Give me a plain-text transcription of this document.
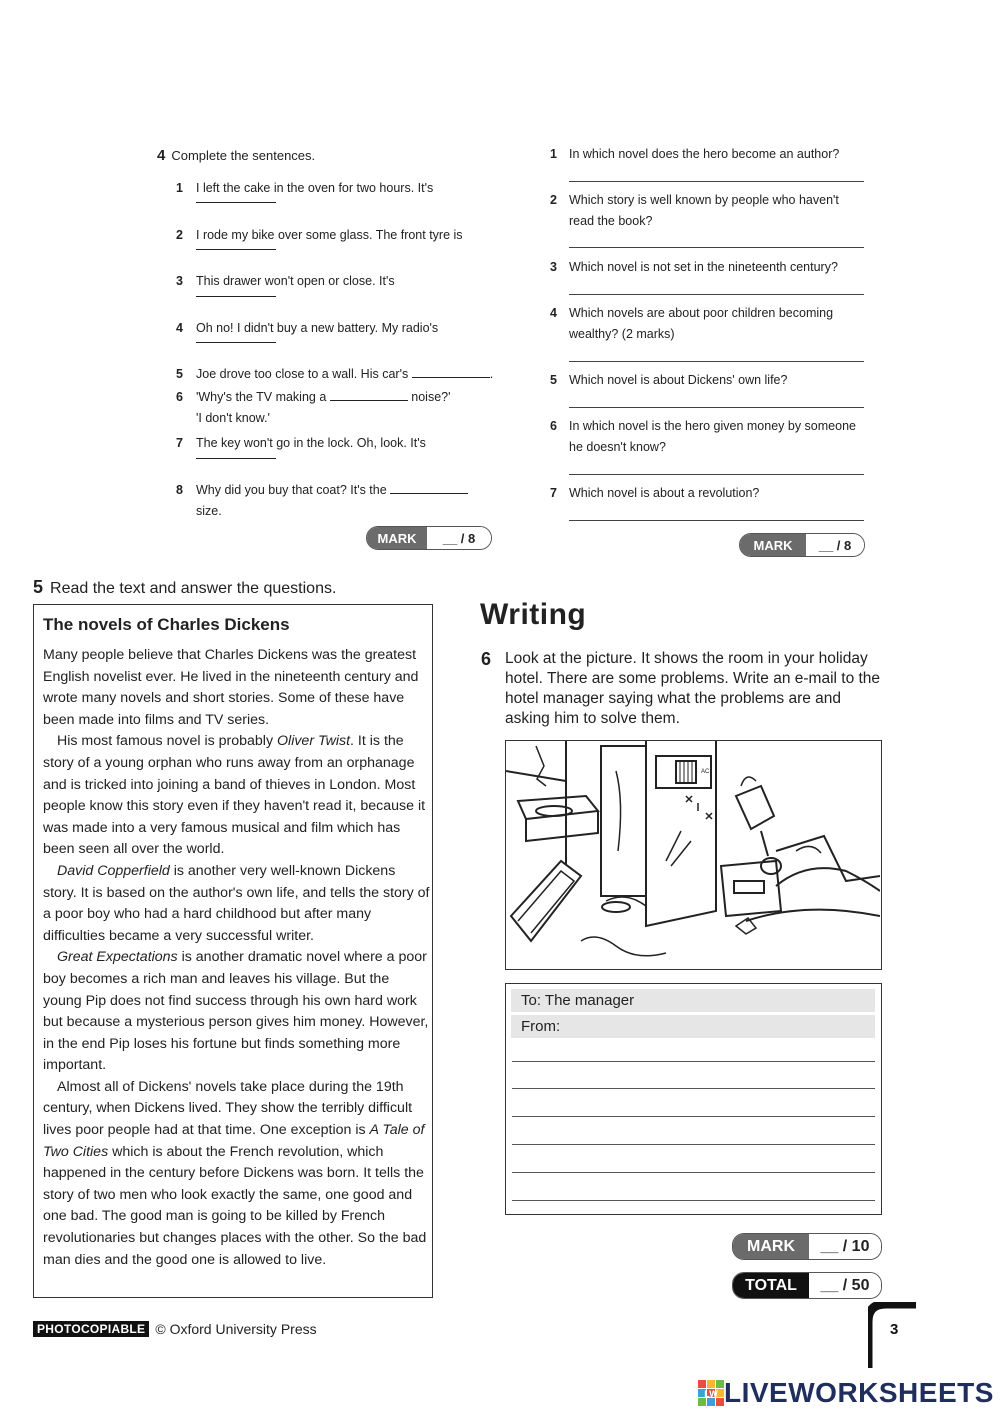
4 Complete the sentences.
1 I left the cake in the oven for two hours. It's
2 I rode my bike over some glass. The front tyre is
3 This drawer won't open or close. It's
4 Oh no! I didn't buy a new battery. My radio's
5 Joe drove too close to a wall. His car's	.
6 'Why's the TV making a	noise?'
'I don't know.'
7 The key won't go in the lock. Oh, look. It's
8 Why did you buy that coat? It's the
size.
MARK	__ / 8
1 In which novel does the hero become an author?
2 Which story is well known by people who haven't read the book?
3 Which novel is not set in the nineteenth century?
4 Which novels are about poor children becoming wealthy? (2 marks)
5 Which novel is about Dickens' own life?
6 In which novel is the hero given money by someone he doesn't know?
7 Which novel is about a revolution?
MARK	__ / 8
5 Read the text and answer the questions.
The novels of Charles Dickens

Many people believe that Charles Dickens was the greatest English novelist ever. He lived in the nineteenth century and wrote many novels and short stories. Some of these have been made into films and TV series.

His most famous novel is probably Oliver Twist. It is the story of a young orphan who runs away from an orphanage and is tricked into joining a band of thieves in London. Most people know this story even if they haven't read it, because it was made into a very famous musical and film which has been seen all over the world.

David Copperfield is another very well-known Dickens story. It is based on the author's own life, and tells the story of a poor boy who had a hard childhood but after many difficulties became a very successful writer.

Great Expectations is another dramatic novel where a poor boy becomes a rich man and leaves his village. But the young Pip does not find success through his own hard work but because a mysterious person gives him money. However, in the end Pip loses his fortune but finds something more important.

Almost all of Dickens' novels take place during the 19th century, when Dickens lived. They show the terribly difficult lives poor people had at that time. One exception is A Tale of Two Cities which is about the French revolution, which happened in the century before Dickens was born. It tells the story of two men who look exactly the same, one good and one bad. The good man is going to be killed by French revolutionaries but changes places with the other. So the bad man dies and the good one is allowed to live.

Writing
6 Look at the picture. It shows the room in your holiday hotel. There are some problems. Write an e-mail to the hotel manager saying what the problems are and asking him to solve them.
AC
To: The manager
From:
MARK	__ / 10
TOTAL	__ / 50
PHOTOCOPIABLE © Oxford University Press	3
LW LIVEWORKSHEETS
